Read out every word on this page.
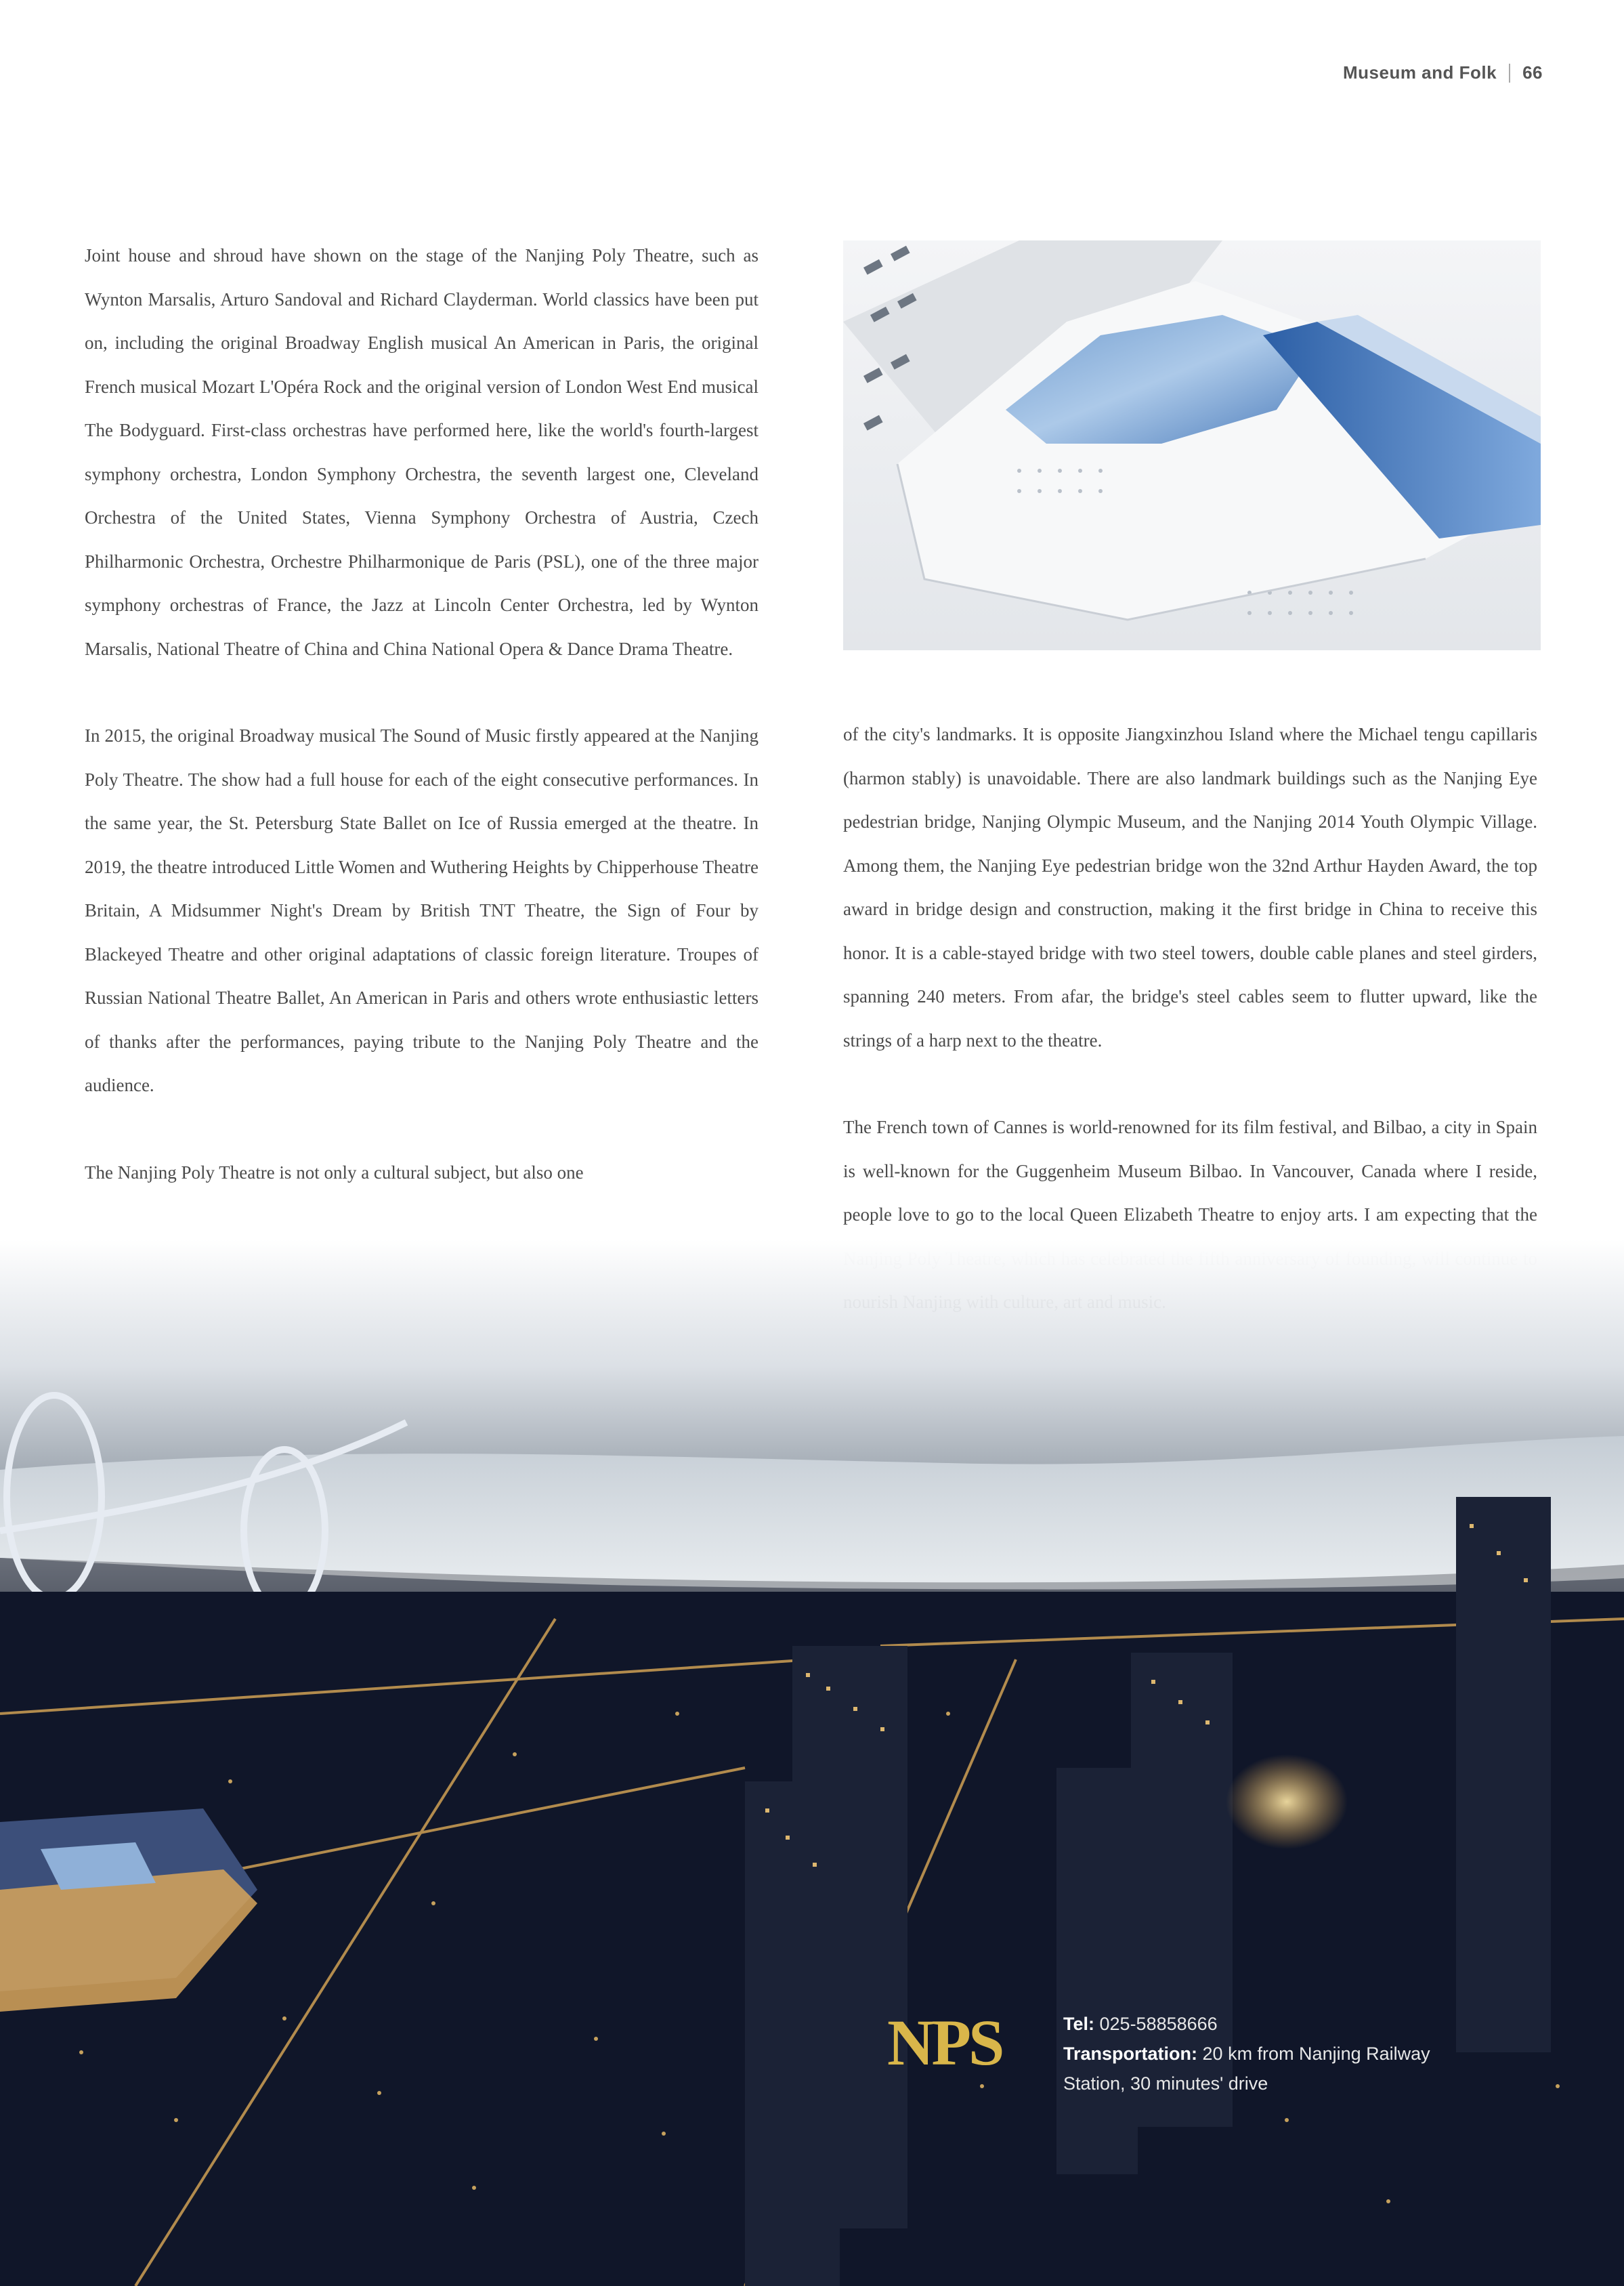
Museum and Folk 66

Joint house and shroud have shown on the stage of the Nanjing Poly Theatre, such as Wynton Marsalis, Arturo Sandoval and Richard Clayderman. World classics have been put on, including the original Broadway English musical An American in Paris, the original French musical Mozart L'Opéra Rock and the original version of London West End musical The Bodyguard. First-class orchestras have performed here, like the world's fourth-largest symphony orchestra, London Symphony Orchestra, the seventh largest one, Cleveland Orchestra of the United States, Vienna Symphony Orchestra of Austria, Czech Philharmonic Orchestra, Orchestre Philharmonique de Paris (PSL), one of the three major symphony orchestras of France, the Jazz at Lincoln Center Orchestra, led by Wynton Marsalis, National Theatre of China and China National Opera & Dance Drama Theatre.

In 2015, the original Broadway musical The Sound of Music firstly appeared at the Nanjing Poly Theatre. The show had a full house for each of the eight consecutive performances. In the same year, the St. Petersburg State Ballet on Ice of Russia emerged at the theatre. In 2019, the theatre introduced Little Women and Wuthering Heights by Chipperhouse Theatre Britain, A Midsummer Night's Dream by British TNT Theatre, the Sign of Four by Blackeyed Theatre and other original adaptations of classic foreign literature. Troupes of Russian National Theatre Ballet, An American in Paris and others wrote enthusiastic letters of thanks after the performances, paying tribute to the Nanjing Poly Theatre and the audience.

The Nanjing Poly Theatre is not only a cultural subject, but also one

of the city's landmarks. It is opposite Jiangxinzhou Island where the Michael tengu capillaris (harmon stably) is unavoidable. There are also landmark buildings such as the Nanjing Eye pedestrian bridge, Nanjing Olympic Museum, and the Nanjing 2014 Youth Olympic Village. Among them, the Nanjing Eye pedestrian bridge won the 32nd Arthur Hayden Award, the top award in bridge design and construction, making it the first bridge in China to receive this honor. It is a cable-stayed bridge with two steel towers, double cable planes and steel girders, spanning 240 meters. From afar, the bridge's steel cables seem to flutter upward, like the strings of a harp next to the theatre.

The French town of Cannes is world-renowned for its film festival, and Bilbao, a city in Spain is well-known for the Guggenheim Museum Bilbao. In Vancouver, Canada where I reside, people love to go to the local Queen Elizabeth Theatre to enjoy arts. I am expecting that the

NPS	Tel: 025-58858666
Transportation: 20 km from Nanjing Railway Station, 30 minutes' drive
